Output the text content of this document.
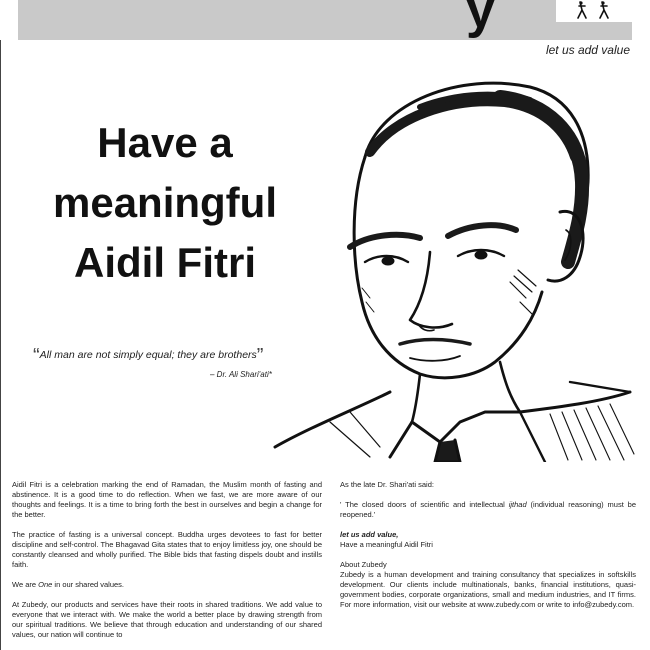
y
let us add value
Have a
meaningful
Aidil Fitri
“All man are not simply equal; they are brothers”
– Dr. Ali Shari'ati*

Aidil Fitri is a celebration marking the end of Ramadan, the Muslim month of fasting and abstinence. It is a good time to do reflection. When we fast, we are more aware of our thoughts and feelings. It is a time to bring forth the best in ourselves and begin a change for the better.

The practice of fasting is a universal concept. Buddha urges devotees to fast for better discipline and self-control. The Bhagavad Gita states that to enjoy limitless joy, one should be constantly cleansed and wholly purified. The Bible bids that fasting dispels doubt and instills faith.

We are One in our shared values.

At Zubedy, our products and services have their roots in shared traditions. We add value to everyone that we interact with. We make the world a better place by drawing strength from our spiritual traditions. We believe that through education and understanding of our shared values, our nation will continue to

As the late Dr. Shari'ati said:

' The closed doors of scientific and intellectual ijthad (individual reasoning) must be reopened.'

let us add value,

Have a meaningful Aidil Fitri

About Zubedy

Zubedy is a human development and training consultancy that specializes in softskills development. Our clients include multinationals, banks, financial institutions, quasi-government bodies, corporate organizations, small and medium industries, and IT firms. For more information, visit our website at www.zubedy.com or write to info@zubedy.com.
